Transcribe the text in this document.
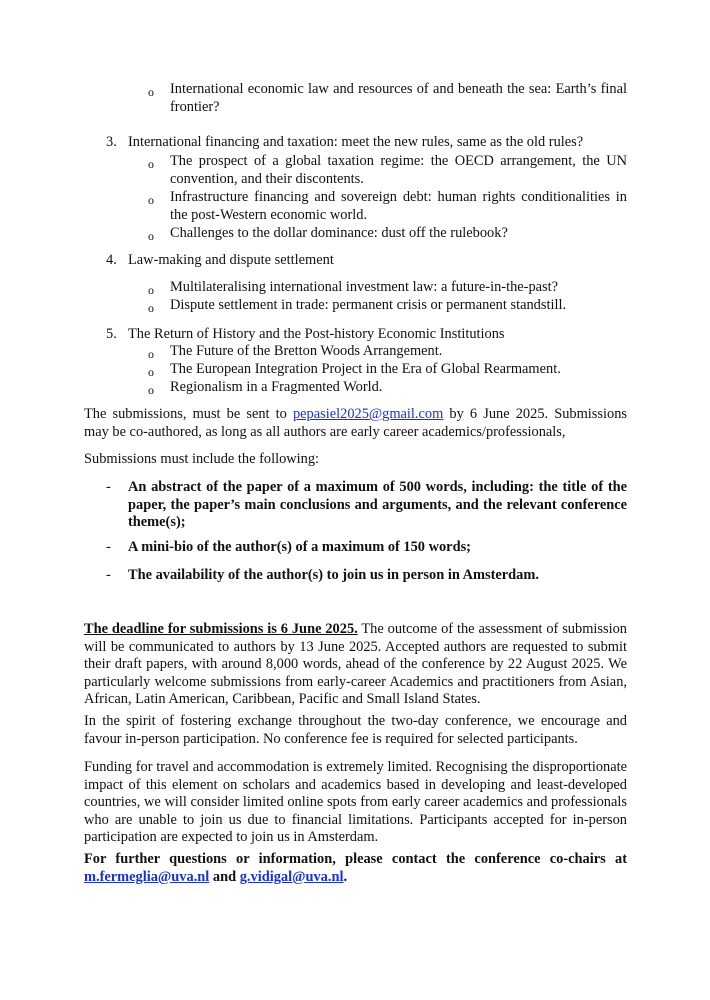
o	International economic law and resources of and beneath the sea: Earth’s final frontier?
3. International financing and taxation: meet the new rules, same as the old rules?
o	The prospect of a global taxation regime: the OECD arrangement, the UN convention, and their discontents.
o	Infrastructure financing and sovereign debt: human rights conditionalities in the post-Western economic world.
o	Challenges to the dollar dominance: dust off the rulebook?
4. Law-making and dispute settlement
o	Multilateralising international investment law: a future-in-the-past?
o	Dispute settlement in trade: permanent crisis or permanent standstill.
5. The Return of History and the Post-history Economic Institutions
o	The Future of the Bretton Woods Arrangement.
o	The European Integration Project in the Era of Global Rearmament.
o	Regionalism in a Fragmented World.
The submissions, must be sent to pepasiel2025@gmail.com by 6 June 2025. Submissions may be co-authored, as long as all authors are early career academics/professionals,
Submissions must include the following:
- An abstract of the paper of a maximum of 500 words, including: the title of the paper, the paper’s main conclusions and arguments, and the relevant conference theme(s);
- A mini-bio of the author(s) of a maximum of 150 words;
- The availability of the author(s) to join us in person in Amsterdam.
The deadline for submissions is 6 June 2025. The outcome of the assessment of submission will be communicated to authors by 13 June 2025. Accepted authors are requested to submit their draft papers, with around 8,000 words, ahead of the conference by 22 August 2025. We particularly welcome submissions from early-career Academics and practitioners from Asian, African, Latin American, Caribbean, Pacific and Small Island States.
In the spirit of fostering exchange throughout the two-day conference, we encourage and favour in-person participation. No conference fee is required for selected participants.
Funding for travel and accommodation is extremely limited. Recognising the disproportionate impact of this element on scholars and academics based in developing and least-developed countries, we will consider limited online spots from early career academics and professionals who are unable to join us due to financial limitations. Participants accepted for in-person participation are expected to join us in Amsterdam.
For further questions or information, please contact the conference co-chairs at m.fermeglia@uva.nl and g.vidigal@uva.nl.
